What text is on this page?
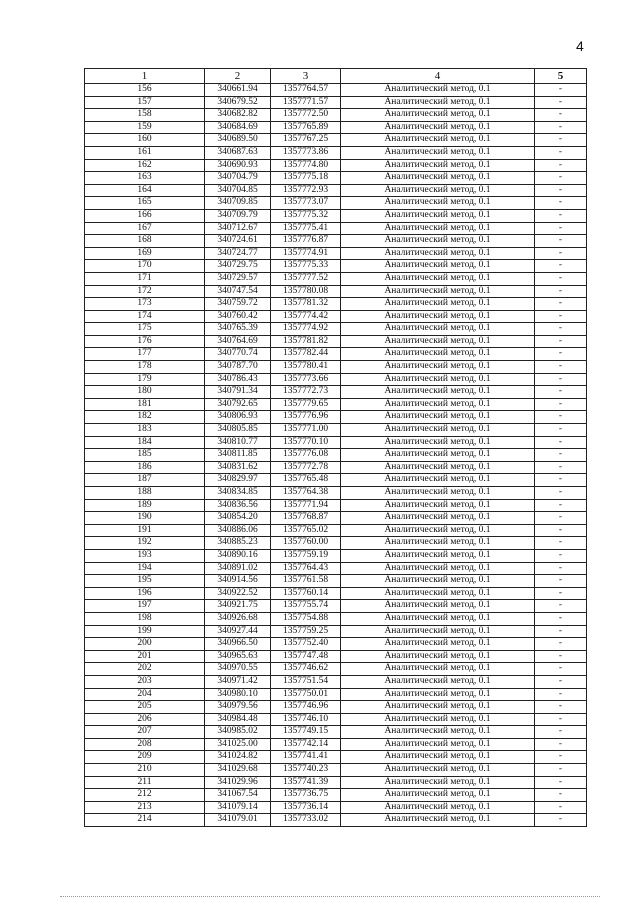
4
1	2	3	4	5
156	340661.94	1357764.57	Аналитический метод, 0.1	-
157	340679.52	1357771.57	Аналитический метод, 0.1	-
158	340682.82	1357772.50	Аналитический метод, 0.1	-
159	340684.69	1357765.89	Аналитический метод, 0.1	-
160	340689.50	1357767.25	Аналитический метод, 0.1	-
161	340687.63	1357773.86	Аналитический метод, 0.1	-
162	340690.93	1357774.80	Аналитический метод, 0.1	-
163	340704.79	1357775.18	Аналитический метод, 0.1	-
164	340704.85	1357772.93	Аналитический метод, 0.1	-
165	340709.85	1357773.07	Аналитический метод, 0.1	-
166	340709.79	1357775.32	Аналитический метод, 0.1	-
167	340712.67	1357775.41	Аналитический метод, 0.1	-
168	340724.61	1357776.87	Аналитический метод, 0.1	-
169	340724.77	1357774.91	Аналитический метод, 0.1	-
170	340729.75	1357775.33	Аналитический метод, 0.1	-
171	340729.57	1357777.52	Аналитический метод, 0.1	-
172	340747.54	1357780.08	Аналитический метод, 0.1	-
173	340759.72	1357781.32	Аналитический метод, 0.1	-
174	340760.42	1357774.42	Аналитический метод, 0.1	-
175	340765.39	1357774.92	Аналитический метод, 0.1	-
176	340764.69	1357781.82	Аналитический метод, 0.1	-
177	340770.74	1357782.44	Аналитический метод, 0.1	-
178	340787.70	1357780.41	Аналитический метод, 0.1	-
179	340786.43	1357773.66	Аналитический метод, 0.1	-
180	340791.34	1357772.73	Аналитический метод, 0.1	-
181	340792.65	1357779.65	Аналитический метод, 0.1	-
182	340806.93	1357776.96	Аналитический метод, 0.1	-
183	340805.85	1357771.00	Аналитический метод, 0.1	-
184	340810.77	1357770.10	Аналитический метод, 0.1	-
185	340811.85	1357776.08	Аналитический метод, 0.1	-
186	340831.62	1357772.78	Аналитический метод, 0.1	-
187	340829.97	1357765.48	Аналитический метод, 0.1	-
188	340834.85	1357764.38	Аналитический метод, 0.1	-
189	340836.56	1357771.94	Аналитический метод, 0.1	-
190	340854.20	1357768.87	Аналитический метод, 0.1	-
191	340886.06	1357765.02	Аналитический метод, 0.1	-
192	340885.23	1357760.00	Аналитический метод, 0.1	-
193	340890.16	1357759.19	Аналитический метод, 0.1	-
194	340891.02	1357764.43	Аналитический метод, 0.1	-
195	340914.56	1357761.58	Аналитический метод, 0.1	-
196	340922.52	1357760.14	Аналитический метод, 0.1	-
197	340921.75	1357755.74	Аналитический метод, 0.1	-
198	340926.68	1357754.88	Аналитический метод, 0.1	-
199	340927.44	1357759.25	Аналитический метод, 0.1	-
200	340966.50	1357752.40	Аналитический метод, 0.1	-
201	340965.63	1357747.48	Аналитический метод, 0.1	-
202	340970.55	1357746.62	Аналитический метод, 0.1	-
203	340971.42	1357751.54	Аналитический метод, 0.1	-
204	340980.10	1357750.01	Аналитический метод, 0.1	-
205	340979.56	1357746.96	Аналитический метод, 0.1	-
206	340984.48	1357746.10	Аналитический метод, 0.1	-
207	340985.02	1357749.15	Аналитический метод, 0.1	-
208	341025.00	1357742.14	Аналитический метод, 0.1	-
209	341024.82	1357741.41	Аналитический метод, 0.1	-
210	341029.68	1357740.23	Аналитический метод, 0.1	-
211	341029.96	1357741.39	Аналитический метод, 0.1	-
212	341067.54	1357736.75	Аналитический метод, 0.1	-
213	341079.14	1357736.14	Аналитический метод, 0.1	-
214	341079.01	1357733.02	Аналитический метод, 0.1	-
